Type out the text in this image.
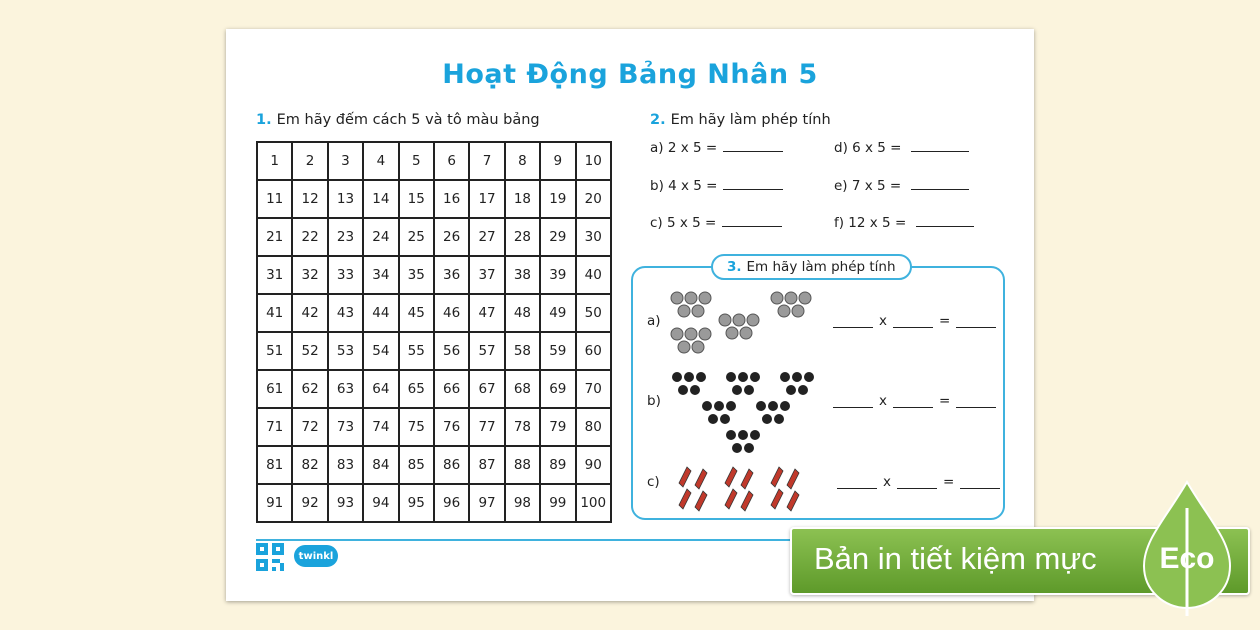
Hoạt Động Bảng Nhân 5
1. Em hãy đếm cách 5 và tô màu bảng
1	2	3	4	5	6	7	8	9	10
11	12	13	14	15	16	17	18	19	20
21	22	23	24	25	26	27	28	29	30
31	32	33	34	35	36	37	38	39	40
41	42	43	44	45	46	47	48	49	50
51	52	53	54	55	56	57	58	59	60
61	62	63	64	65	66	67	68	69	70
71	72	73	74	75	76	77	78	79	80
81	82	83	84	85	86	87	88	89	90
91	92	93	94	95	96	97	98	99	100
2. Em hãy làm phép tính
a) 2 x 5 =
b) 4 x 5 =
c) 5 x 5 =
d) 6 x 5 =
e) 7 x 5 =
f) 12 x 5 =
3. Em hãy làm phép tính
a)	x	=
b)	x	=
c)	x	=
twinkl	Bản in tiết kiệm mực Eco
